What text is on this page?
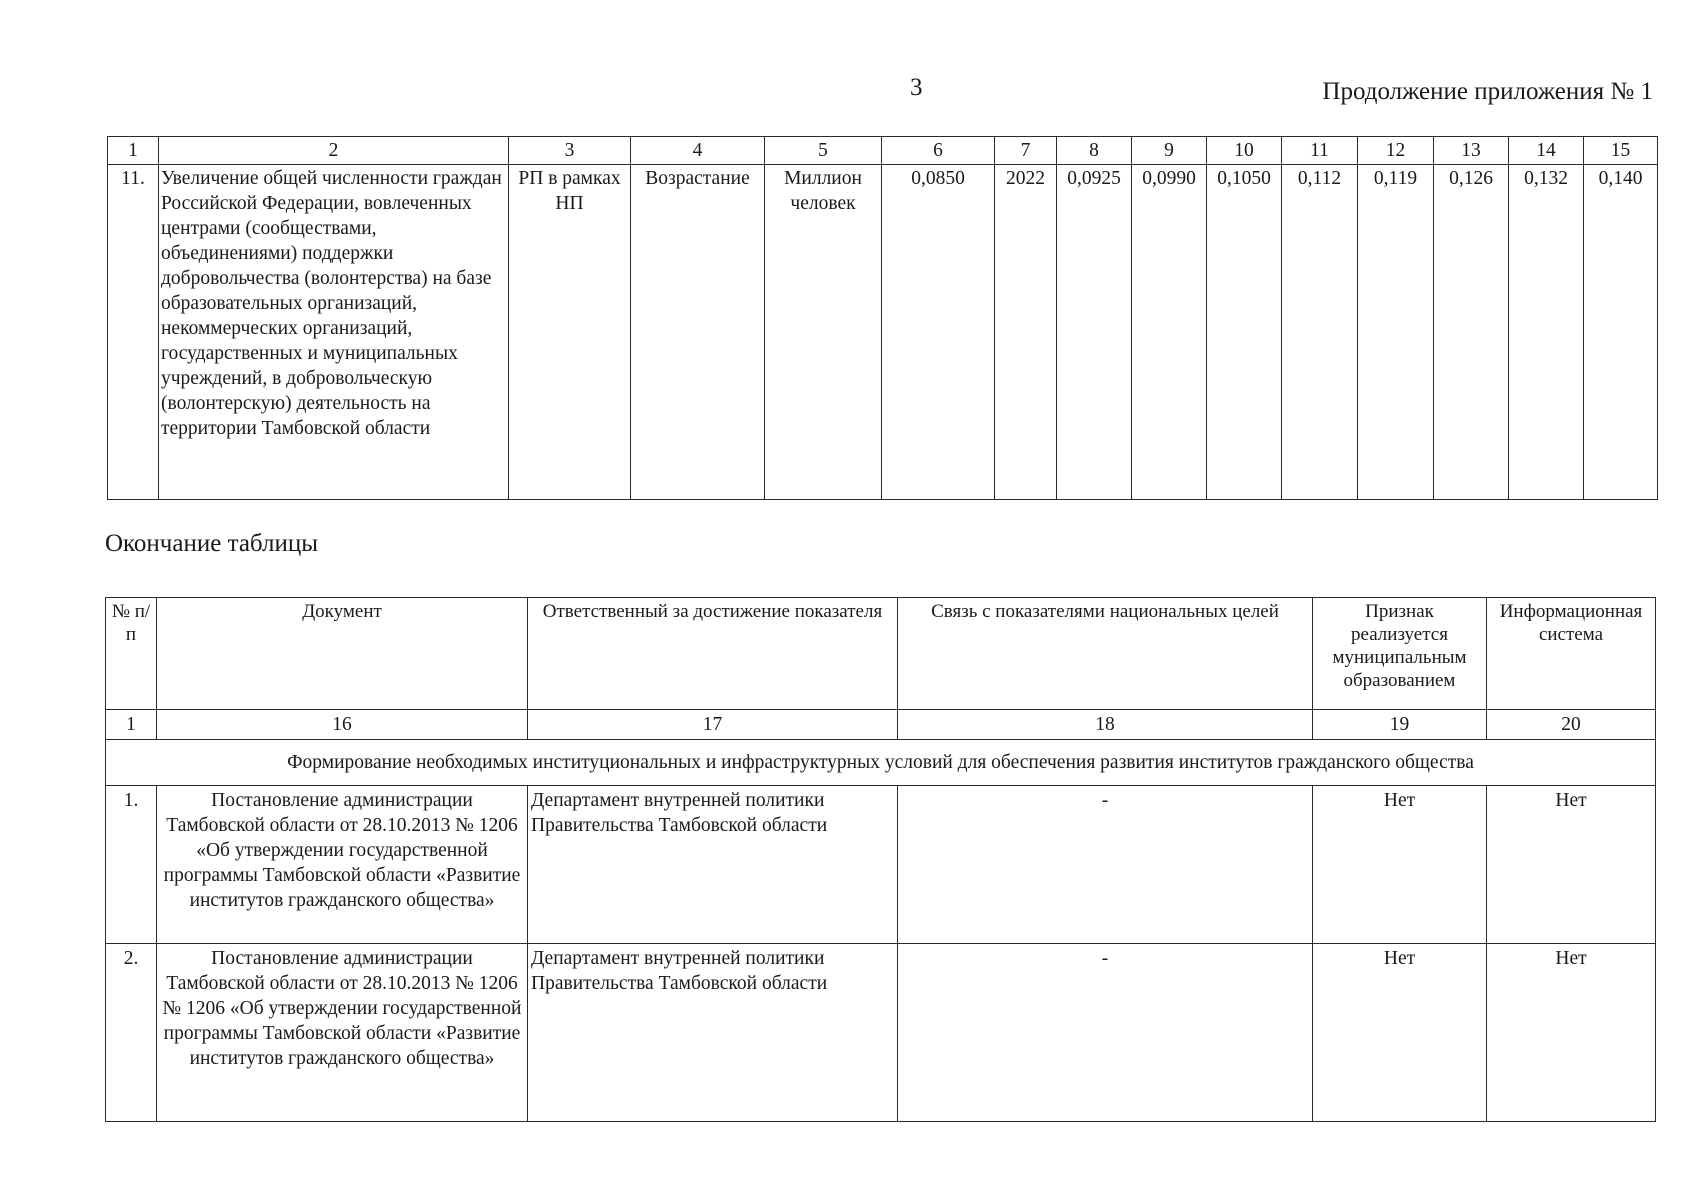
3	Продолжение приложения № 1
1	2	3	4	5	6	7	8	9	10	11	12	13	14	15
11.	Увеличение общей численности граждан Российской Федерации, вовлеченных центрами (сообществами, объединениями) поддержки добровольчества (волонтерства) на базе образовательных организаций, некоммерческих организаций, государственных и муниципальных учреждений, в добровольческую (волонтерскую) деятельность на территории Тамбовской области	РП в рамках НП	Возрастание	Миллион человек	0,0850	2022	0,0925	0,0990	0,1050	0,112	0,119	0,126	0,132	0,140
Окончание таблицы
№ п/п	Документ	Ответственный за достижение показателя	Связь с показателями национальных целей	Признак реализуется муниципальным образованием	Информационная система
1	16	17	18	19	20
Формирование необходимых институциональных и инфраструктурных условий для обеспечения развития институтов гражданского общества					
1.	Постановление администрации Тамбовской области от 28.10.2013 № 1206 «Об утверждении государственной программы Тамбовской области «Развитие институтов гражданского общества»	Департамент внутренней политики Правительства Тамбовской области	-	Нет	Нет
2.	Постановление администрации Тамбовской области от 28.10.2013 № 1206 № 1206 «Об утверждении государственной программы Тамбовской области «Развитие институтов гражданского общества»	Департамент внутренней политики Правительства Тамбовской области	-	Нет	Нет
